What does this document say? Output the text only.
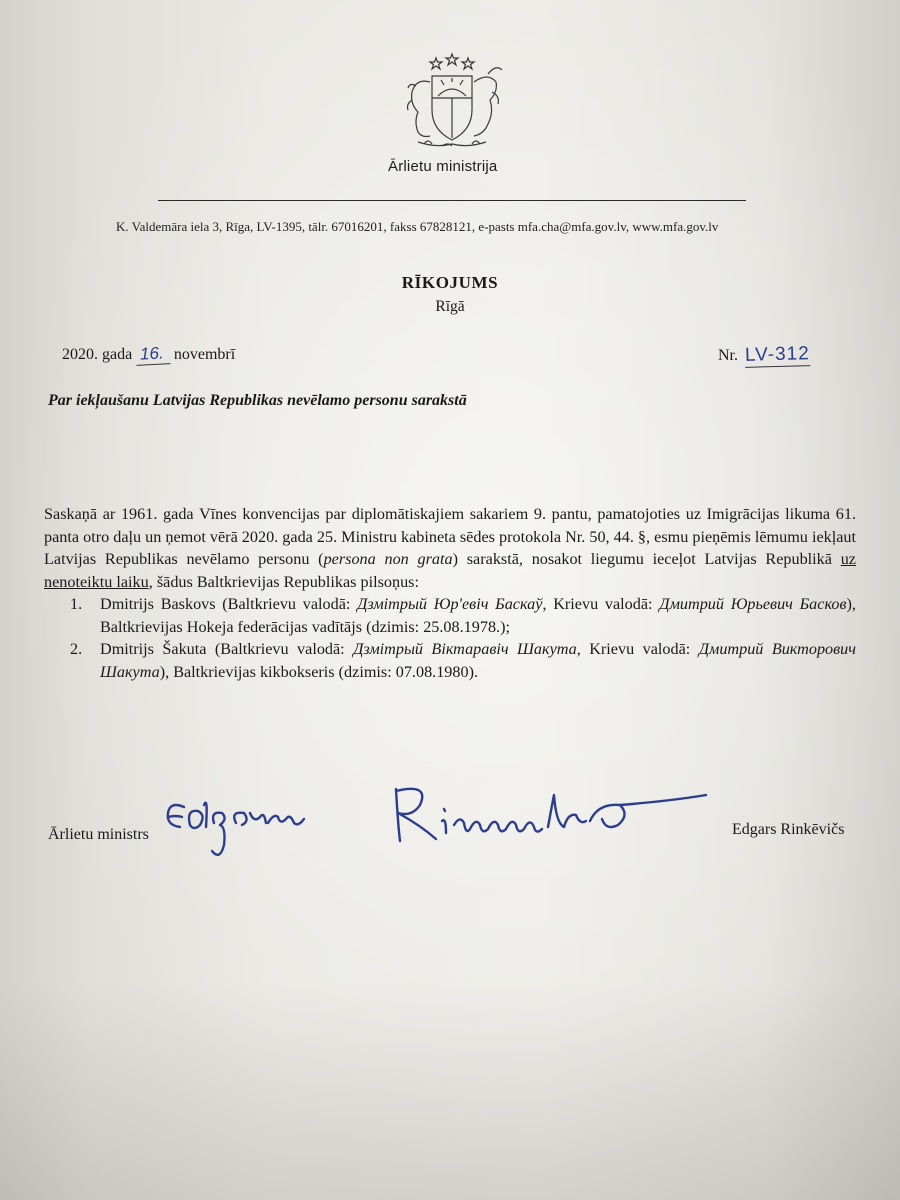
Ārlietu ministrija
K. Valdemāra iela 3, Rīga, LV-1395, tālr. 67016201, fakss 67828121, e-pasts mfa.cha@mfa.gov.lv, www.mfa.gov.lv
RĪKOJUMS
Rīgā
2020. gada 16. novembrī	Nr. LV-312
Par iekļaušanu Latvijas Republikas nevēlamo personu sarakstā

Saskaņā ar 1961. gada Vīnes konvencijas par diplomātiskajiem sakariem 9. pantu, pamatojoties uz Imigrācijas likuma 61. panta otro daļu un ņemot vērā 2020. gada 25. Ministru kabineta sēdes protokola Nr. 50, 44. §, esmu pieņēmis lēmumu iekļaut Latvijas Republikas nevēlamo personu (persona non grata) sarakstā, nosakot liegumu ieceļot Latvijas Republikā uz nenoteiktu laiku, šādus Baltkrievijas Republikas pilsoņus:

1. Dmitrijs Baskovs (Baltkrievu valodā: Дзмітрый Юр'евіч Баскаў, Krievu valodā: Дмитрий Юрьевич Басков), Baltkrievijas Hokeja federācijas vadītājs (dzimis: 25.08.1978.);
2. Dmitrijs Šakuta (Baltkrievu valodā: Дзмітрый Віктаравіч Шакута, Krievu valodā: Дмитрий Викторович Шакута), Baltkrievijas kikbokseris (dzimis: 07.08.1980).
Ārlietu ministrs	Edgars Rinkēvičs
